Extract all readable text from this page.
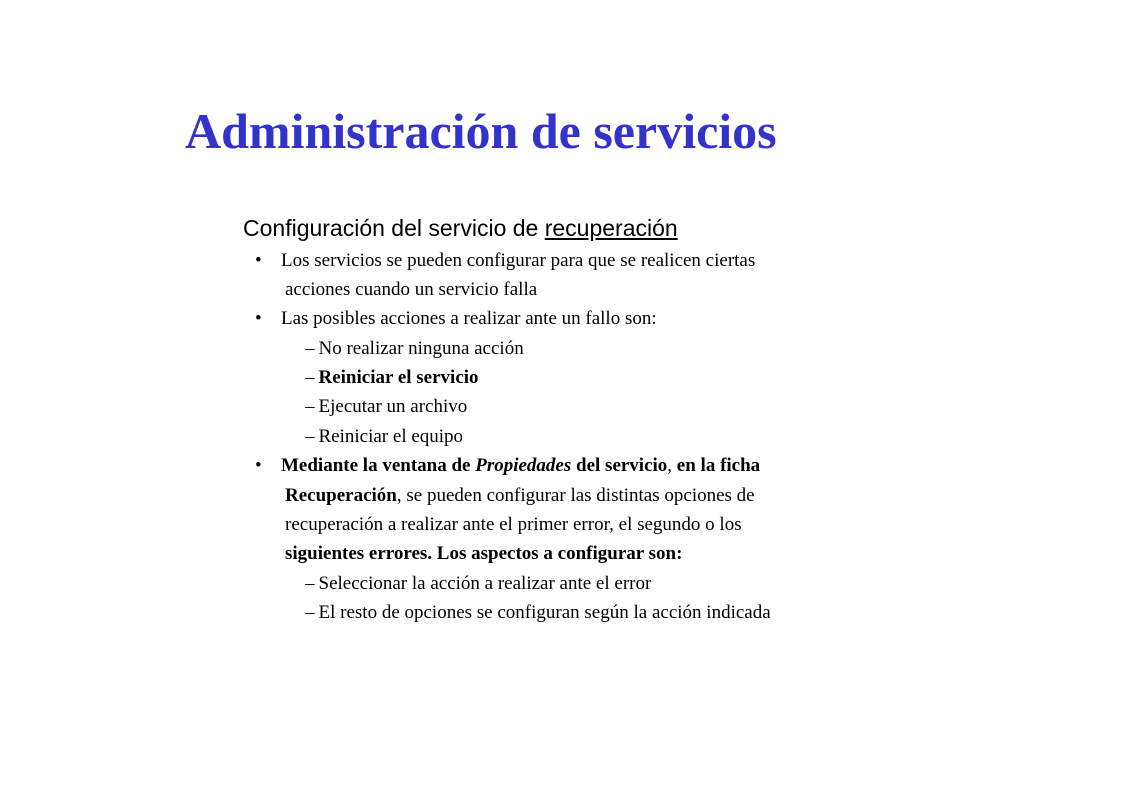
Administración de servicios

Configuración del servicio de recuperación

• Los servicios se pueden configurar para que se realicen ciertas

acciones cuando un servicio falla

• Las posibles acciones a realizar ante un fallo son:

– No realizar ninguna acción

– Reiniciar el servicio

– Ejecutar un archivo

– Reiniciar el equipo

• Mediante la ventana de Propiedades del servicio, en la ficha

Recuperación, se pueden configurar las distintas opciones de

recuperación a realizar ante el primer error, el segundo o los

siguientes errores. Los aspectos a configurar son:

– Seleccionar la acción a realizar ante el error

– El resto de opciones se configuran según la acción indicada
